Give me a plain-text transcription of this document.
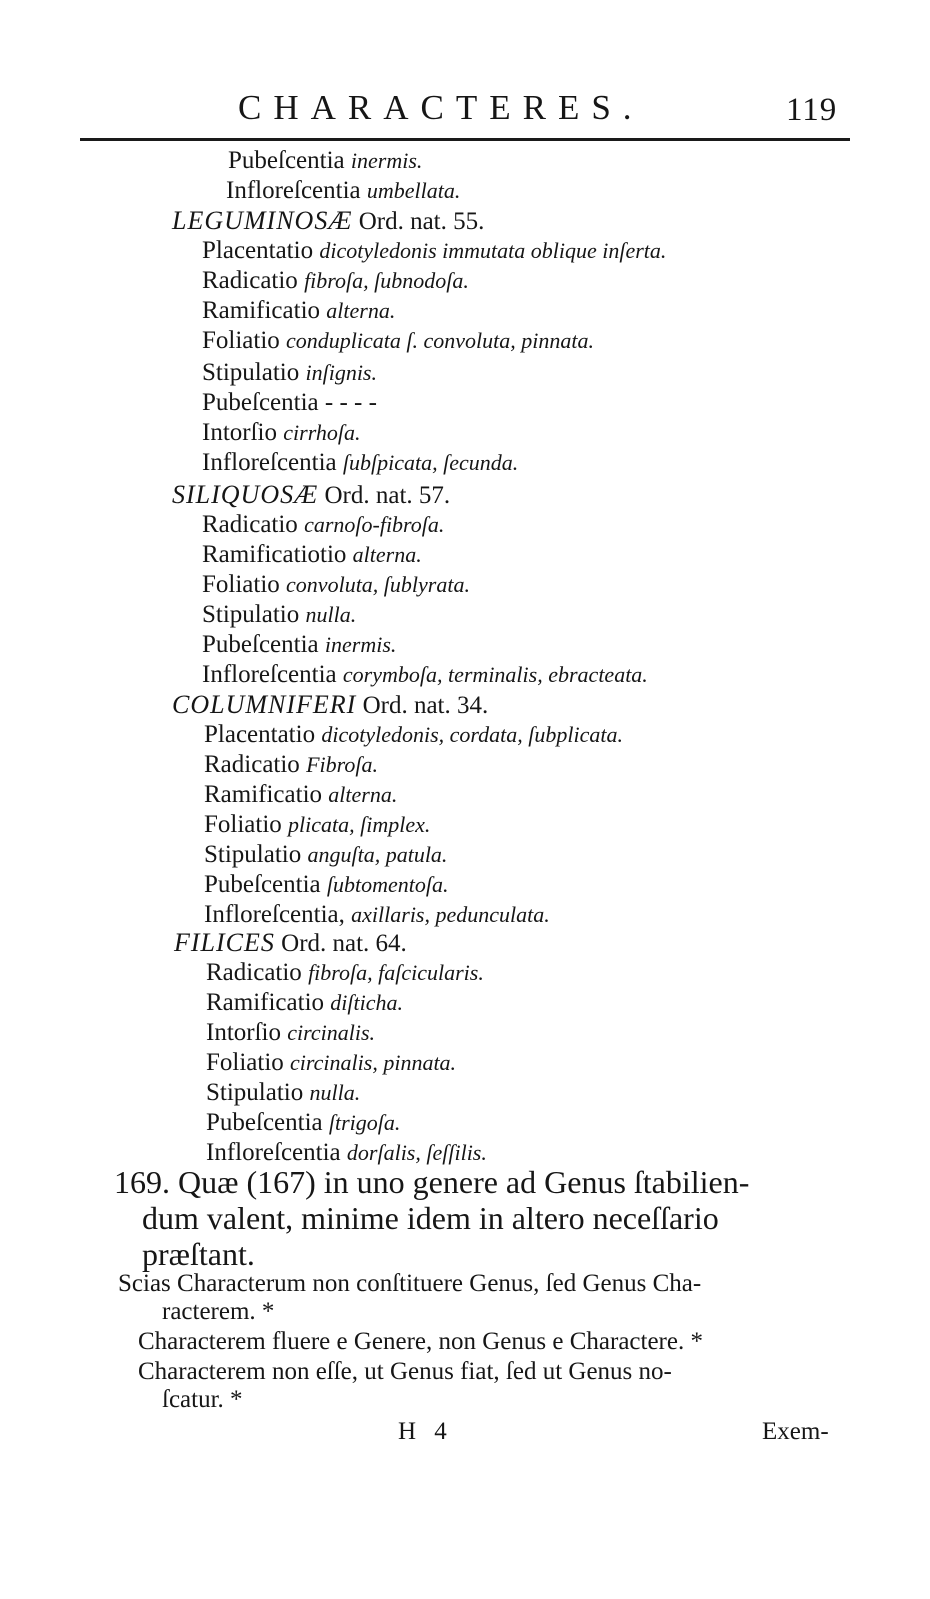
CHARACTERES.	119
Pubeſcentia inermis.
Infloreſcentia umbellata.
LEGUMINOSÆ Ord. nat. 55.
Placentatio dicotyledonis immutata oblique inſerta.
Radicatio fibroſa, ſubnodoſa.
Ramificatio alterna.
Foliatio conduplicata ſ. convoluta, pinnata.
Stipulatio inſignis.
Pubeſcentia - - - -
Intorſio cirrhoſa.
Infloreſcentia ſubſpicata, ſecunda.
SILIQUOSÆ Ord. nat. 57.
Radicatio carnoſo-fibroſa.
Ramificatiotio alterna.
Foliatio convoluta, ſublyrata.
Stipulatio nulla.
Pubeſcentia inermis.
Infloreſcentia corymboſa, terminalis, ebracteata.
COLUMNIFERI Ord. nat. 34.
Placentatio dicotyledonis, cordata, ſubplicata.
Radicatio Fibroſa.
Ramificatio alterna.
Foliatio plicata, ſimplex.
Stipulatio anguſta, patula.
Pubeſcentia ſubtomentoſa.
Infloreſcentia, axillaris, pedunculata.
FILICES Ord. nat. 64.
Radicatio fibroſa, faſcicularis.
Ramificatio diſticha.
Intorſio circinalis.
Foliatio circinalis, pinnata.
Stipulatio nulla.
Pubeſcentia ſtrigoſa.
Infloreſcentia dorſalis, ſeſſilis.
169. Quæ (167) in uno genere ad Genus ſtabilien-
dum valent, minime idem in altero neceſſario
præſtant.
Scias Characterum non conſtituere Genus, ſed Genus Cha-
racterem. *
Characterem fluere e Genere, non Genus e Charactere. *
Characterem non eſſe, ut Genus fiat, ſed ut Genus no-
ſcatur. *
H 4	Exem-
